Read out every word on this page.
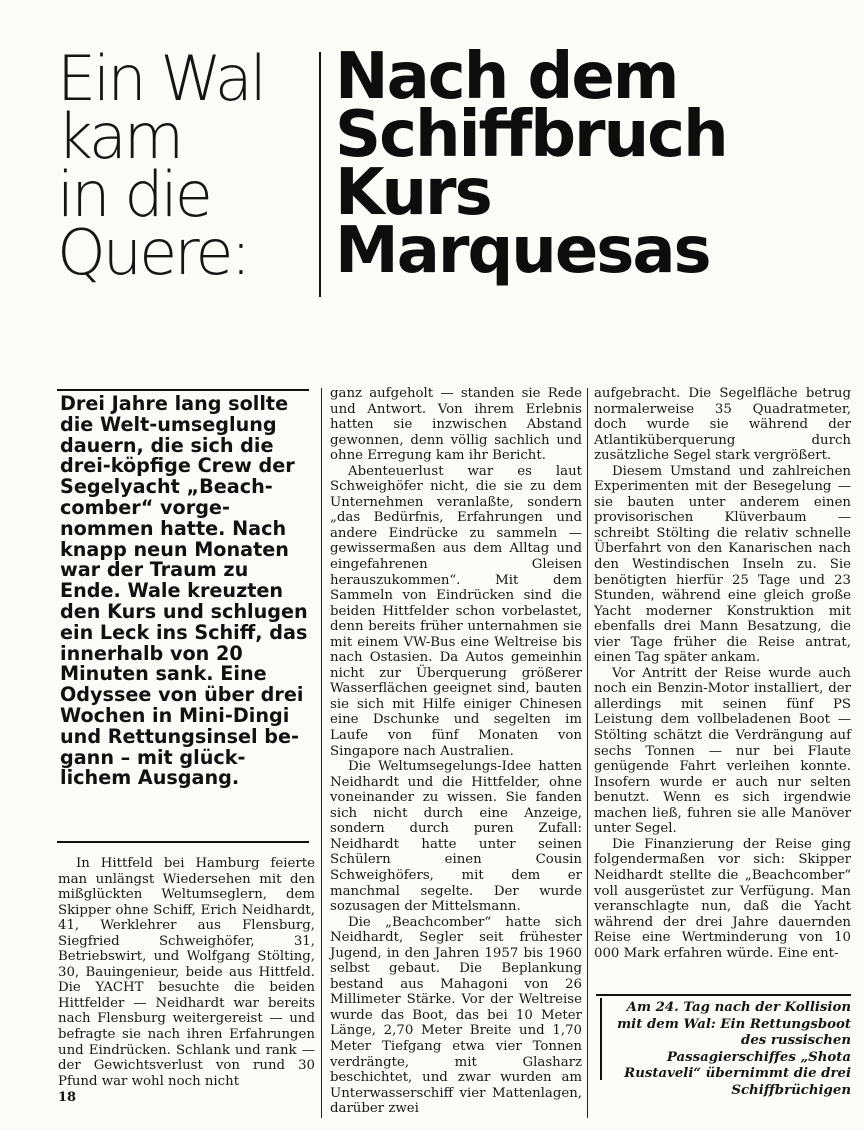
Ein Wal
kam
in die
Quere:
Nach dem
Schiffbruch
Kurs
Marquesas
Drei Jahre lang sollte die Welt-umseglung dauern, die sich die drei-köpfige Crew der Segelyacht „Beach-comber“ vorge-nommen hatte. Nach knapp neun Monaten war der Traum zu Ende. Wale kreuzten den Kurs und schlugen ein Leck ins Schiff, das innerhalb von 20 Minuten sank. Eine Odyssee von über drei Wochen in Mini-Dingi und Rettungsinsel be-gann – mit glück-lichem Ausgang.

In Hittfeld bei Hamburg feierte man unlängst Wiedersehen mit den mißglückten Weltumseglern, dem Skipper ohne Schiff, Erich Neidhardt, 41, Werklehrer aus Flensburg, Siegfried Schweighöfer, 31, Betriebswirt, und Wolfgang Stölting, 30, Bauingenieur, beide aus Hittfeld. Die YACHT besuchte die beiden Hittfelder — Neidhardt war bereits nach Flensburg weitergereist — und befragte sie nach ihren Erfahrungen und Eindrücken. Schlank und rank — der Gewichtsverlust von rund 30 Pfund war wohl noch nicht

ganz aufgeholt — standen sie Rede und Antwort. Von ihrem Erlebnis hatten sie inzwischen Abstand gewonnen, denn völlig sachlich und ohne Erregung kam ihr Bericht.

Abenteuerlust war es laut Schweighöfer nicht, die sie zu dem Unternehmen veranlaßte, sondern „das Bedürfnis, Erfahrungen und andere Eindrücke zu sammeln — gewissermaßen aus dem Alltag und eingefahrenen Gleisen herauszukommen“. Mit dem Sammeln von Eindrücken sind die beiden Hittfelder schon vorbelastet, denn bereits früher unternahmen sie mit einem VW-Bus eine Weltreise bis nach Ostasien. Da Autos gemeinhin nicht zur Überquerung größerer Wasserflächen geeignet sind, bauten sie sich mit Hilfe einiger Chinesen eine Dschunke und segelten im Laufe von fünf Monaten von Singapore nach Australien.

Die Weltumsegelungs-Idee hatten Neidhardt und die Hittfelder, ohne voneinander zu wissen. Sie fanden sich nicht durch eine Anzeige, sondern durch puren Zufall: Neidhardt hatte unter seinen Schülern einen Cousin Schweighöfers, mit dem er manchmal segelte. Der wurde sozusagen der Mittelsmann.

Die „Beachcomber“ hatte sich Neidhardt, Segler seit frühester Jugend, in den Jahren 1957 bis 1960 selbst gebaut. Die Beplankung bestand aus Mahagoni von 26 Millimeter Stärke. Vor der Weltreise wurde das Boot, das bei 10 Meter Länge, 2,70 Meter Breite und 1,70 Meter Tiefgang etwa vier Tonnen verdrängte, mit Glasharz beschichtet, und zwar wurden am Unterwasserschiff vier Mattenlagen, darüber zwei

aufgebracht. Die Segelfläche betrug normalerweise 35 Quadratmeter, doch wurde sie während der Atlantiküberquerung durch zusätzliche Segel stark vergrößert.

Diesem Umstand und zahlreichen Experimenten mit der Besegelung — sie bauten unter anderem einen provisorischen Klüverbaum — schreibt Stölting die relativ schnelle Überfahrt von den Kanarischen nach den Westindischen Inseln zu. Sie benötigten hierfür 25 Tage und 23 Stunden, während eine gleich große Yacht moderner Konstruktion mit ebenfalls drei Mann Besatzung, die vier Tage früher die Reise antrat, einen Tag später ankam.

Vor Antritt der Reise wurde auch noch ein Benzin-Motor installiert, der allerdings mit seinen fünf PS Leistung dem vollbeladenen Boot — Stölting schätzt die Verdrängung auf sechs Tonnen — nur bei Flaute genügende Fahrt verleihen konnte. Insofern wurde er auch nur selten benutzt. Wenn es sich irgendwie machen ließ, fuhren sie alle Manöver unter Segel.

Die Finanzierung der Reise ging folgendermaßen vor sich: Skipper Neidhardt stellte die „Beachcomber“ voll ausgerüstet zur Verfügung. Man veranschlagte nun, daß die Yacht während der drei Jahre dauernden Reise eine Wertminderung von 10 000 Mark erfahren würde. Eine ent-

Am 24. Tag nach der Kollision mit dem Wal: Ein Rettungsboot des russischen Passagierschiffes „Shota Rustaveli“ übernimmt die drei Schiffbrüchigen
18
